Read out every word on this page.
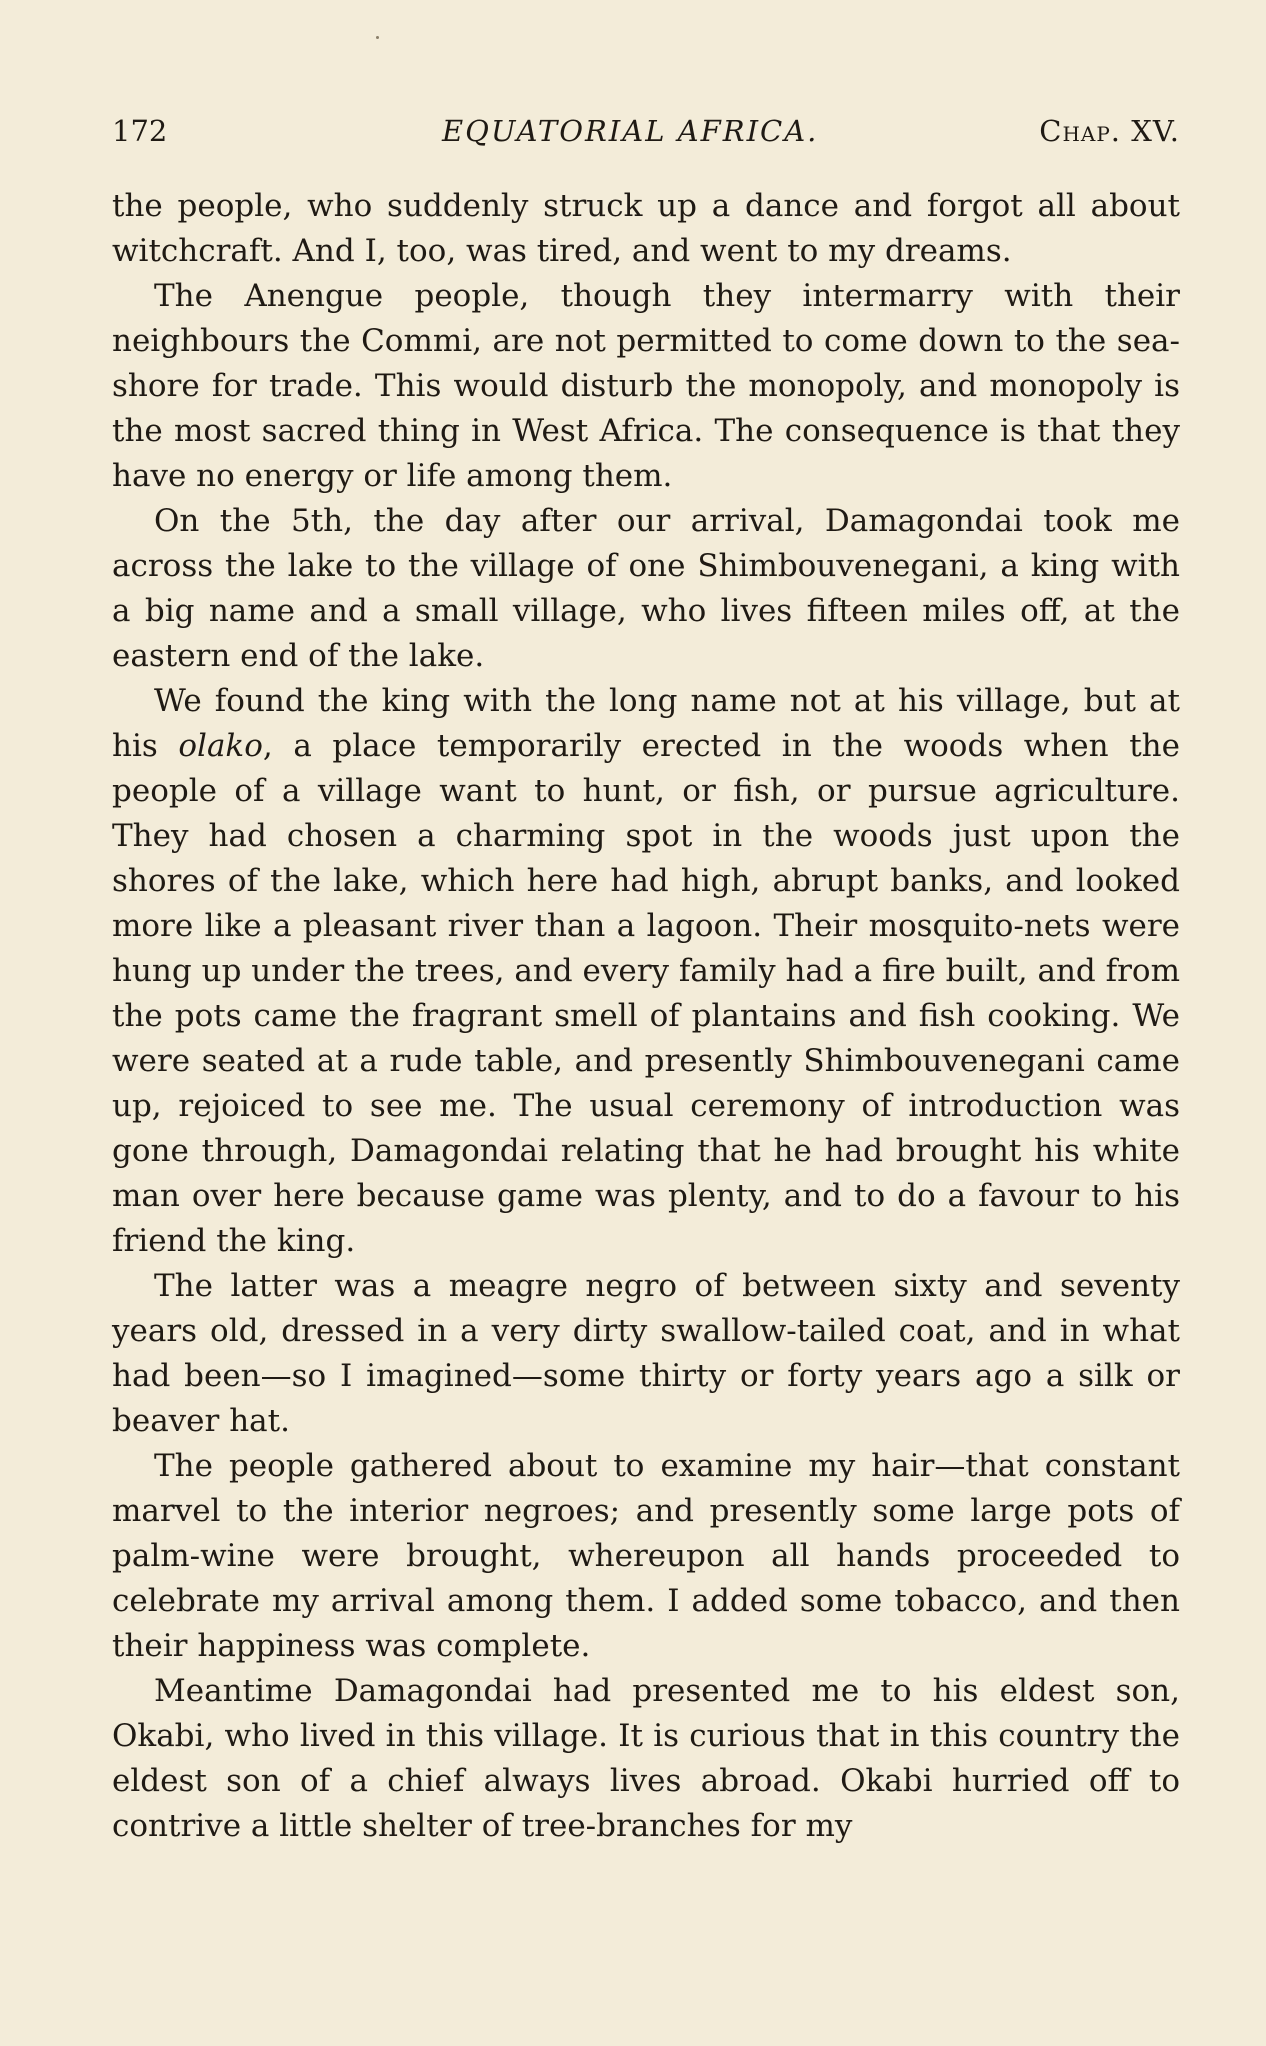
172	EQUATORIAL AFRICA.	Chap. XV.

the people, who suddenly struck up a dance and forgot all about witchcraft. And I, too, was tired, and went to my dreams.

The Anengue people, though they intermarry with their neighbours the Commi, are not permitted to come down to the sea-shore for trade. This would disturb the monopoly, and monopoly is the most sacred thing in West Africa. The consequence is that they have no energy or life among them.

On the 5th, the day after our arrival, Damagondai took me across the lake to the village of one Shimbouvenegani, a king with a big name and a small village, who lives fifteen miles off, at the eastern end of the lake.

We found the king with the long name not at his village, but at his olako, a place temporarily erected in the woods when the people of a village want to hunt, or fish, or pursue agriculture. They had chosen a charming spot in the woods just upon the shores of the lake, which here had high, abrupt banks, and looked more like a pleasant river than a lagoon. Their mosquito-nets were hung up under the trees, and every family had a fire built, and from the pots came the fragrant smell of plantains and fish cooking. We were seated at a rude table, and presently Shimbouvenegani came up, rejoiced to see me. The usual ceremony of introduction was gone through, Damagondai relating that he had brought his white man over here because game was plenty, and to do a favour to his friend the king.

The latter was a meagre negro of between sixty and seventy years old, dressed in a very dirty swallow-tailed coat, and in what had been—so I imagined—some thirty or forty years ago a silk or beaver hat.

The people gathered about to examine my hair—that constant marvel to the interior negroes; and presently some large pots of palm-wine were brought, whereupon all hands proceeded to celebrate my arrival among them. I added some tobacco, and then their happiness was complete.

Meantime Damagondai had presented me to his eldest son, Okabi, who lived in this village. It is curious that in this country the eldest son of a chief always lives abroad. Okabi hurried off to contrive a little shelter of tree-branches for my
